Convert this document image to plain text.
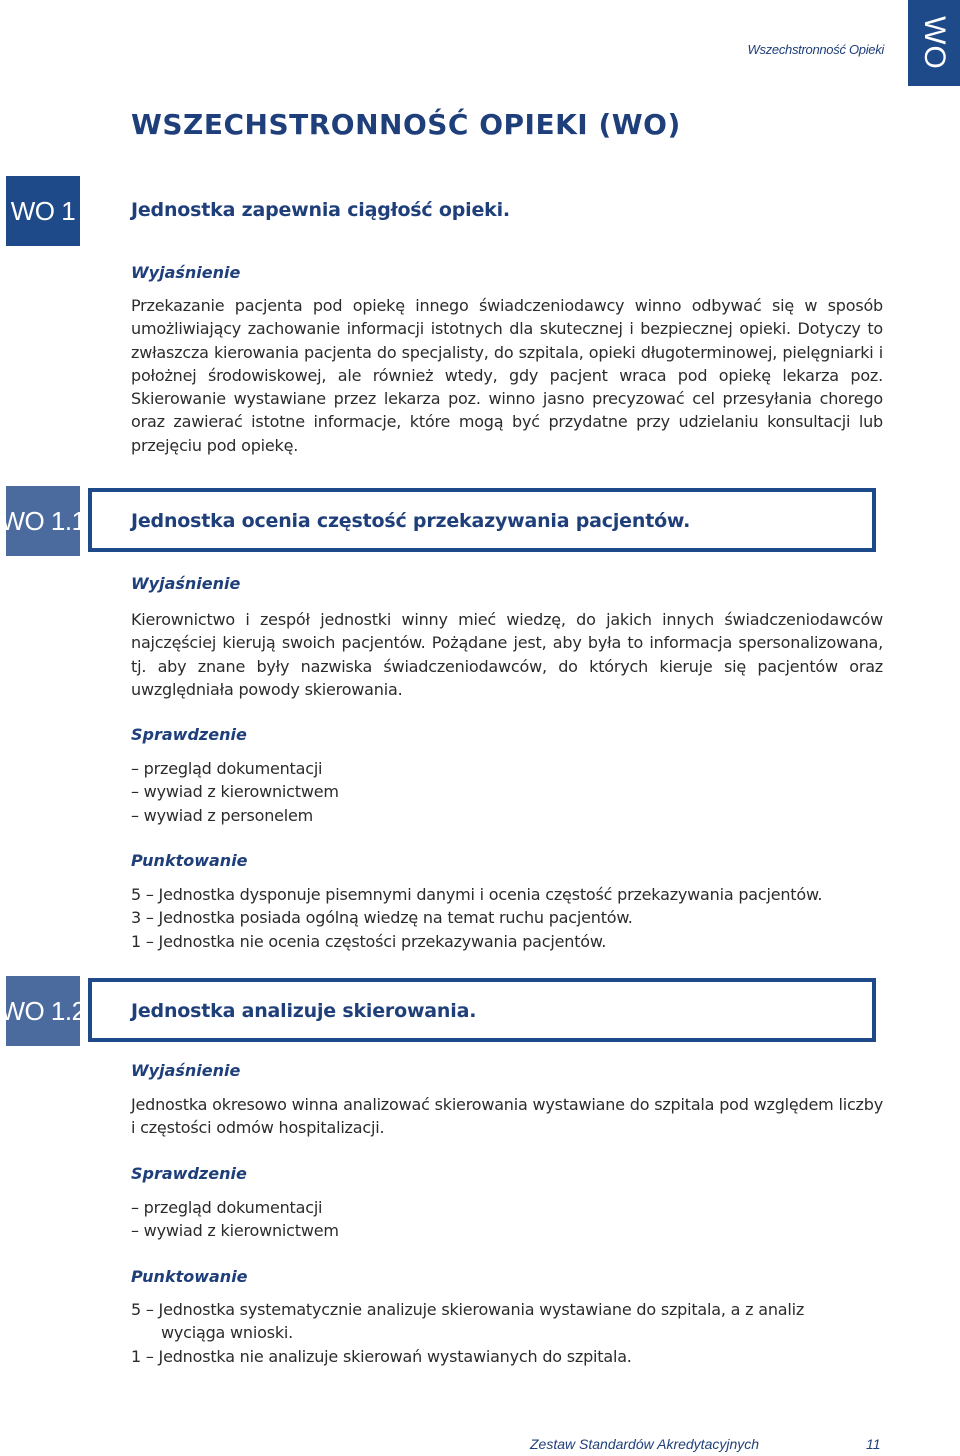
Wszechstronność Opieki WO
WSZECHSTRONNOŚĆ OPIEKI (WO)
WO 1	Jednostka zapewnia ciągłość opieki.
Wyjaśnienie
Przekazanie pacjenta pod opiekę innego świadczeniodawcy winno odbywać się w sposób umożliwiający zachowanie informacji istotnych dla skutecznej i bezpiecznej opieki. Dotyczy to zwłaszcza kierowania pacjenta do specjalisty, do szpitala, opieki długoterminowej, pielęgniarki i położnej środowiskowej, ale również wtedy, gdy pacjent wraca pod opiekę lekarza poz. Skierowanie wystawiane przez lekarza poz. winno jasno precyzować cel przesyłania chorego oraz zawierać istotne informacje, które mogą być przydatne przy udzielaniu konsultacji lub przejęciu pod opiekę.
WO 1.1 Jednostka ocenia częstość przekazywania pacjentów.
Wyjaśnienie
Kierownictwo i zespół jednostki winny mieć wiedzę, do jakich innych świadczeniodawców najczęściej kierują swoich pacjentów. Pożądane jest, aby była to informacja spersonalizowana, tj. aby znane były nazwiska świadczeniodawców, do których kieruje się pacjentów oraz uwzględniała powody skierowania.
Sprawdzenie
– przegląd dokumentacji
– wywiad z kierownictwem
– wywiad z personelem
Punktowanie
5 – Jednostka dysponuje pisemnymi danymi i ocenia częstość przekazywania pacjentów.
3 – Jednostka posiada ogólną wiedzę na temat ruchu pacjentów.
1 – Jednostka nie ocenia częstości przekazywania pacjentów.
WO 1.2 Jednostka analizuje skierowania.
Wyjaśnienie
Jednostka okresowo winna analizować skierowania wystawiane do szpitala pod względem liczby i częstości odmów hospitalizacji.
Sprawdzenie
– przegląd dokumentacji
– wywiad z kierownictwem
Punktowanie
5 – Jednostka systematycznie analizuje skierowania wystawiane do szpitala, a z analiz wyciąga wnioski.
1 – Jednostka nie analizuje skierowań wystawianych do szpitala.
Zestaw Standardów Akredytacyjnych	11
